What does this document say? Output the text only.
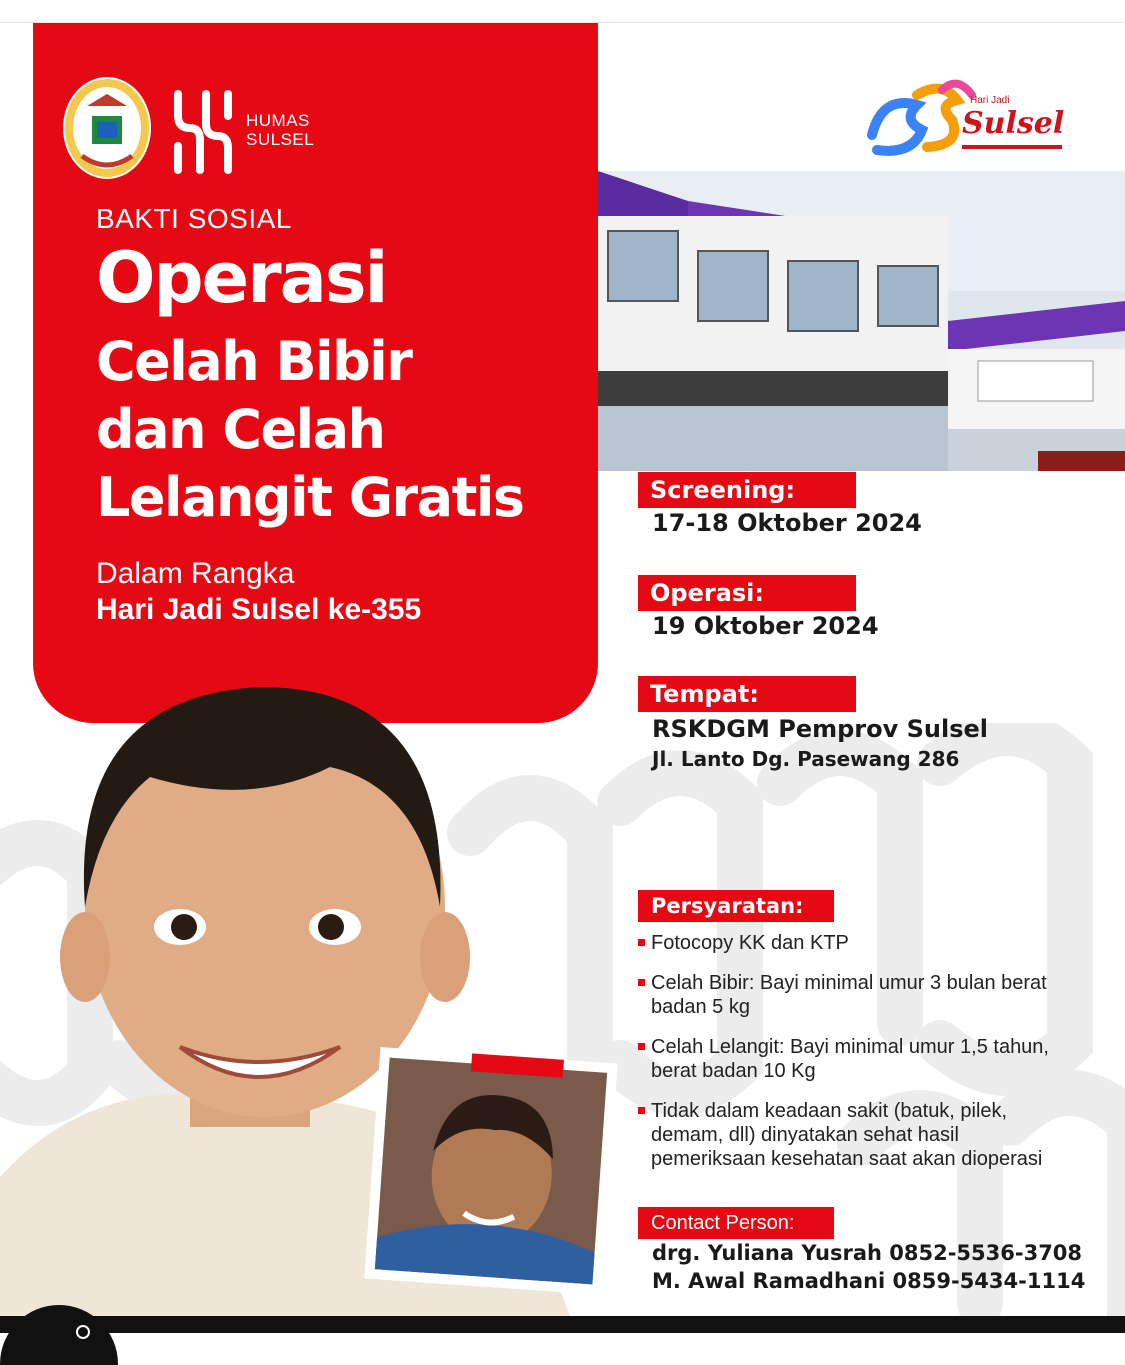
HUMAS
SULSEL
BAKTI SOSIAL
Operasi
Celah Bibir
dan Celah
Lelangit Gratis
Dalam Rangka
Hari Jadi Sulsel ke-355
Hari Jadi
Sulsel
Screening:
17-18 Oktober 2024
Operasi:
19 Oktober 2024
Tempat:
RSKDGM Pemprov Sulsel
Jl. Lanto Dg. Pasewang 286
Persyaratan:
Fotocopy KK dan KTP
Celah Bibir: Bayi minimal umur 3 bulan berat badan 5 kg
Celah Lelangit: Bayi minimal umur 1,5 tahun, berat badan 10 Kg
Tidak dalam keadaan sakit (batuk, pilek, demam, dll) dinyatakan sehat hasil pemeriksaan kesehatan saat akan dioperasi
Contact Person:
drg. Yuliana Yusrah 0852-5536-3708
M. Awal Ramadhani 0859-5434-1114
